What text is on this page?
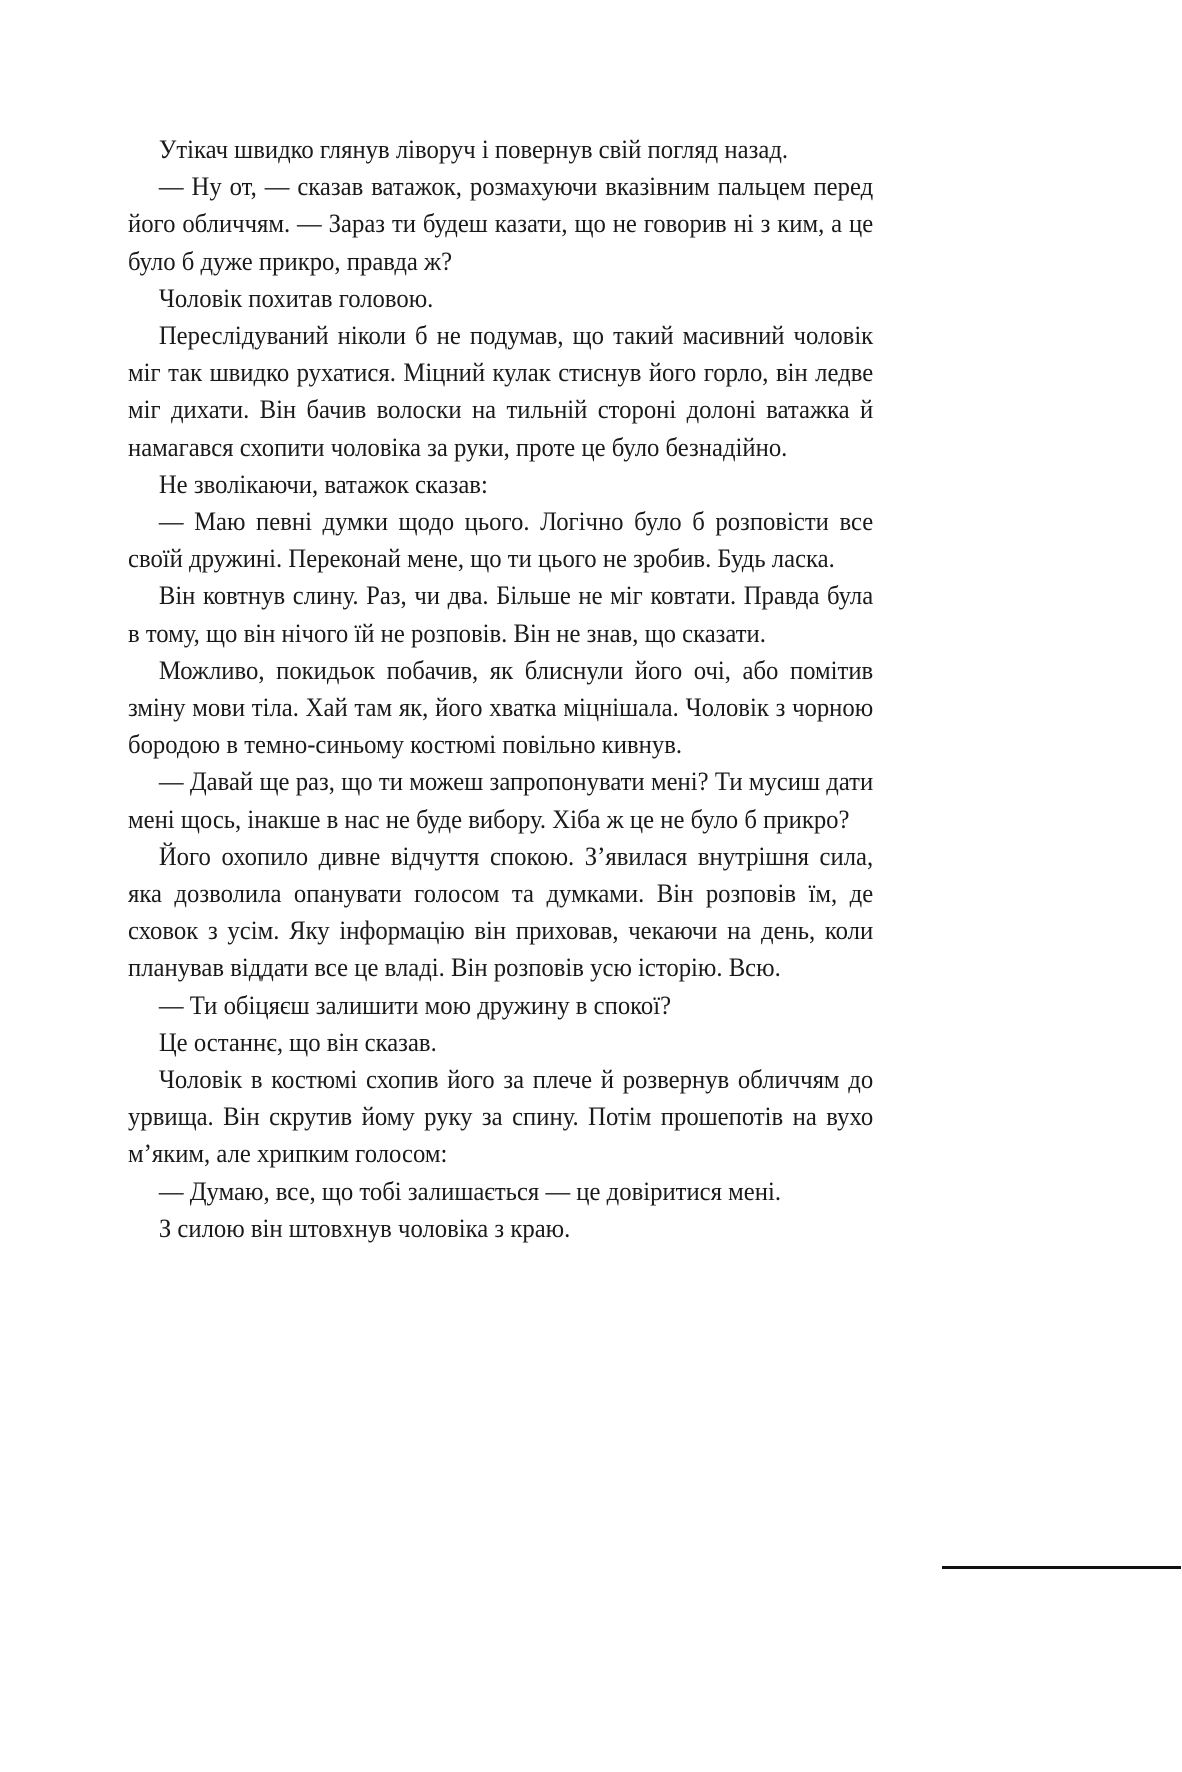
Утікач швидко глянув ліворуч і повернув свій погляд назад.

— Ну от, — сказав ватажок, розмахуючи вказівним пальцем перед його обличчям. — Зараз ти будеш казати, що не говорив ні з ким, а це було б дуже прикро, правда ж?

Чоловік похитав головою.

Переслідуваний ніколи б не подумав, що такий масивний чоловік міг так швидко рухатися. Міцний кулак стиснув його горло, він ледве міг дихати. Він бачив волоски на тильній стороні долоні ватажка й намагався схопити чоловіка за руки, проте це було безнадійно.

Не зволікаючи, ватажок сказав:

— Маю певні думки щодо цього. Логічно було б розповісти все своїй дружині. Переконай мене, що ти цього не зробив. Будь ласка.

Він ковтнув слину. Раз, чи два. Більше не міг ковтати. Правда була в тому, що він нічого їй не розповів. Він не знав, що сказати.

Можливо, покидьок побачив, як блиснули його очі, або помітив зміну мови тіла. Хай там як, його хватка міцнішала. Чоловік з чорною бородою в темно-синьому костюмі повільно кивнув.

— Давай ще раз, що ти можеш запропонувати мені? Ти мусиш дати мені щось, інакше в нас не буде вибору. Хіба ж це не було б прикро?

Його охопило дивне відчуття спокою. З’явилася внутрішня сила, яка дозволила опанувати голосом та думками. Він розповів їм, де сховок з усім. Яку інформацію він приховав, чекаючи на день, коли планував віддати все це владі. Він розповів усю історію. Всю.

— Ти обіцяєш залишити мою дружину в спокої?

Це останнє, що він сказав.

Чоловік в костюмі схопив його за плече й розвернув обличчям до урвища. Він скрутив йому руку за спину. Потім прошепотів на вухо м’яким, але хрипким голосом:

— Думаю, все, що тобі залишається — це довіритися мені.

З силою він штовхнув чоловіка з краю.
